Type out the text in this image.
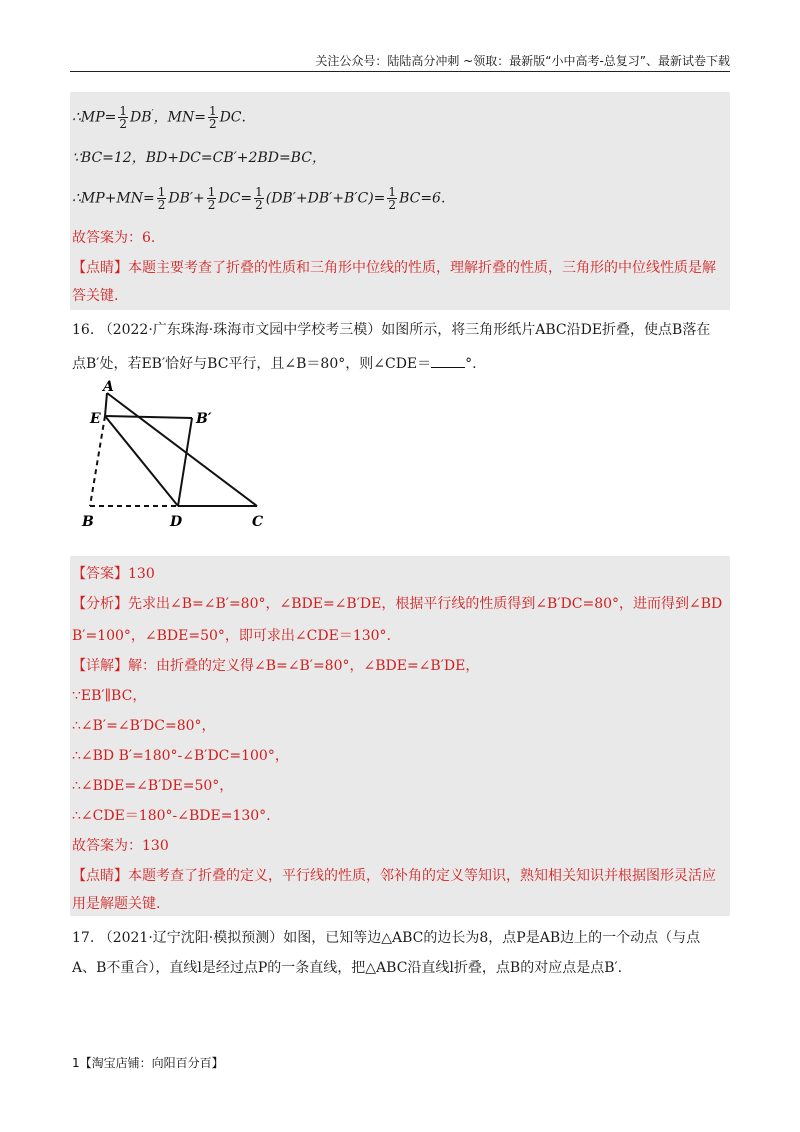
关注公众号：陆陆高分冲刺 ~领取：最新版“小中高考-总复习”、最新试卷下载
∴MP= $\frac{1}{2} DB'$，$MN= \frac{1}{2}$ DC.
∵BC=12，BD+DC=CB′+2BD=BC，
∴MP+MN= $\frac{1}{2} DB'+ \frac{1}{2} DC= \frac{1}{2} (DB'+DB'+B'C)= \frac{1}{2} BC=6$.
故答案为：6.
【点睛】本题主要考查了折叠的性质和三角形中位线的性质，理解折叠的性质，三角形的中位线性质是解
答关键.
16. （2022·广东珠海·珠海市文园中学校考三模）如图所示，将三角形纸片ABC沿DE折叠，使点B落在
点B′处，若EB′恰好与BC平行，且∠B＝80°，则∠CDE＝ °.
A
E	B′
B	D	C
【答案】130
【分析】先求出∠B=∠B′=80°，∠BDE=∠B′DE，根据平行线的性质得到∠B′DC=80°，进而得到∠BD
B′=100°，∠BDE=50°，即可求出∠CDE＝130°.
【详解】解：由折叠的定义得∠B=∠B′=80°，∠BDE=∠B′DE，
∵EB′∥BC，
∴∠B′=∠B′DC=80°，
∴∠BD B′=180°-∠B′DC=100°，
∴∠BDE=∠B′DE=50°，
∴∠CDE＝180°-∠BDE=130°.
故答案为：130
【点睛】本题考查了折叠的定义，平行线的性质，邻补角的定义等知识，熟知相关知识并根据图形灵活应
用是解题关键.
17. （2021·辽宁沈阳·模拟预测）如图，已知等边△ABC的边长为8，点P是AB边上的一个动点（与点
A、B不重合），直线l是经过点P的一条直线，把△ABC沿直线l折叠，点B的对应点是点B′.
1【淘宝店铺：向阳百分百】
